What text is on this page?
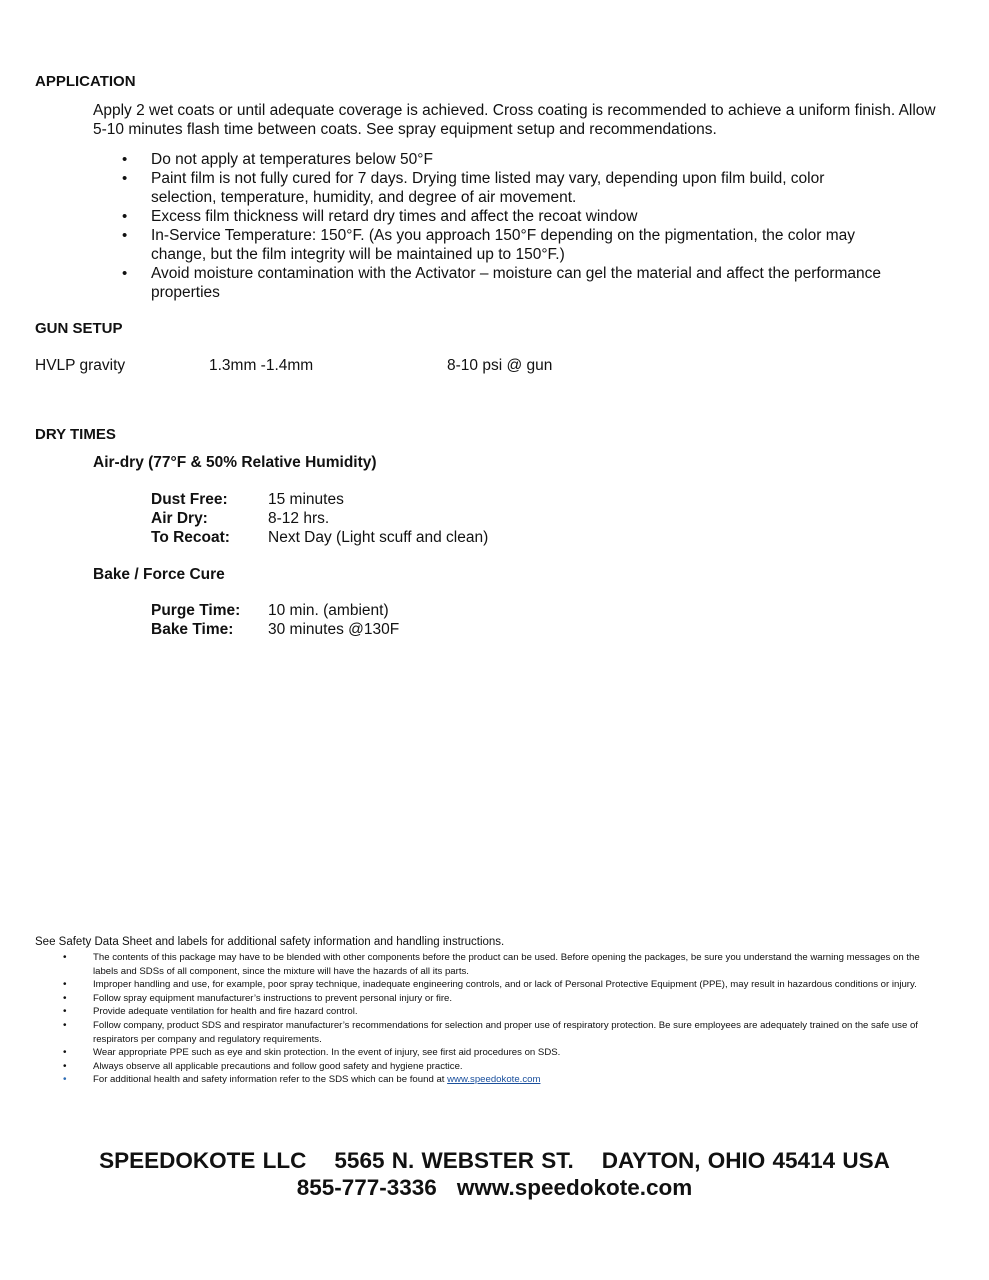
APPLICATION
Apply 2 wet coats or until adequate coverage is achieved. Cross coating is recommended to achieve a uniform finish. Allow 5-10 minutes flash time between coats. See spray equipment setup and recommendations.
• Do not apply at temperatures below 50°F
• Paint film is not fully cured for 7 days. Drying time listed may vary, depending upon film build, color selection, temperature, humidity, and degree of air movement.
• Excess film thickness will retard dry times and affect the recoat window
• In-Service Temperature: 150°F. (As you approach 150°F depending on the pigmentation, the color may change, but the film integrity will be maintained up to 150°F.)
• Avoid moisture contamination with the Activator – moisture can gel the material and affect the performance properties
GUN SETUP
HVLP gravity	1.3mm -1.4mm	8-10 psi @ gun
DRY TIMES
Air-dry (77°F & 50% Relative Humidity)
Dust Free:	15 minutes
Air Dry:	8-12 hrs.
To Recoat: Next Day (Light scuff and clean)
Bake / Force Cure
Purge Time: 10 min. (ambient)
Bake Time: 30 minutes @130F
See Safety Data Sheet and labels for additional safety information and handling instructions.
• The contents of this package may have to be blended with other components before the product can be used. Before opening the packages, be sure you understand the warning messages on the labels and SDSs of all component, since the mixture will have the hazards of all its parts.
• Improper handling and use, for example, poor spray technique, inadequate engineering controls, and or lack of Personal Protective Equipment (PPE), may result in hazardous conditions or injury.
• Follow spray equipment manufacturer’s instructions to prevent personal injury or fire.
• Provide adequate ventilation for health and fire hazard control.
• Follow company, product SDS and respirator manufacturer’s recommendations for selection and proper use of respiratory protection. Be sure employees are adequately trained on the safe use of respirators per company and regulatory requirements.
• Wear appropriate PPE such as eye and skin protection. In the event of injury, see first aid procedures on SDS.
• Always observe all applicable precautions and follow good safety and hygiene practice.
• For additional health and safety information refer to the SDS which can be found at www.speedokote.com
SPEEDOKOTE LLC 5565 N. WEBSTER ST. DAYTON, OHIO 45414 USA
855-777-3336 www.speedokote.com
